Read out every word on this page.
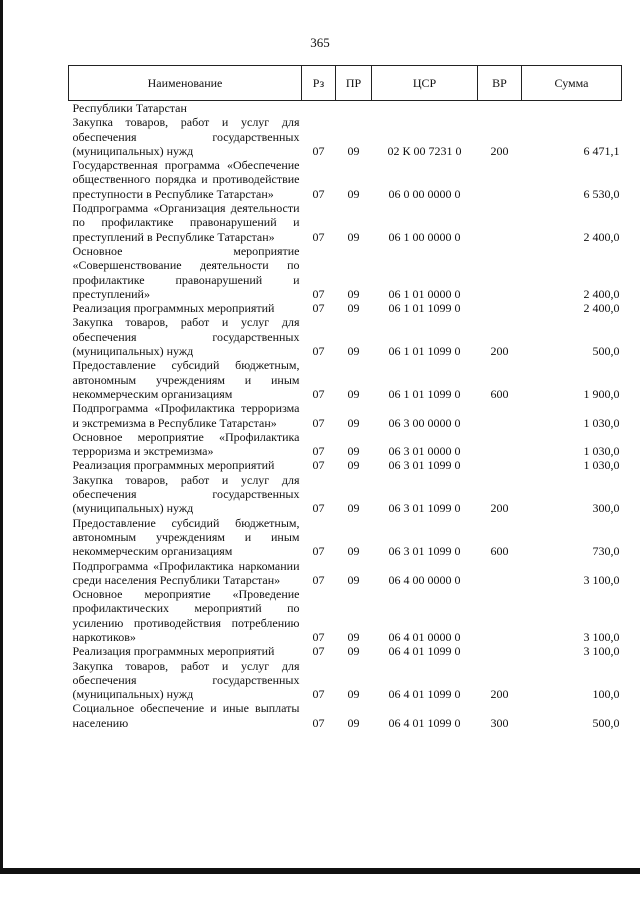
365
Наименование	Рз	ПР	ЦСР	ВР	Сумма
Республики Татарстан					
Закупка товаров, работ и услуг для обеспечения государственных (муниципальных) нужд	07	09	02 К 00 7231 0	200	6 471,1
Государственная программа «Обеспечение общественного порядка и противодействие преступности в Республике Татарстан»	07	09	06 0 00 0000 0		6 530,0
Подпрограмма «Организация деятельности по профилактике правонарушений и преступлений в Республике Татарстан»	07	09	06 1 00 0000 0		2 400,0
Основное мероприятие «Совершенствование деятельности по профилактике правонарушений и преступлений»	07	09	06 1 01 0000 0		2 400,0
Реализация программных мероприятий	07	09	06 1 01 1099 0		2 400,0
Закупка товаров, работ и услуг для обеспечения государственных (муниципальных) нужд	07	09	06 1 01 1099 0	200	500,0
Предоставление субсидий бюджетным, автономным учреждениям и иным некоммерческим организациям	07	09	06 1 01 1099 0	600	1 900,0
Подпрограмма «Профилактика терроризма и экстремизма в Республике Татарстан»	07	09	06 3 00 0000 0		1 030,0
Основное мероприятие «Профилактика терроризма и экстремизма»	07	09	06 3 01 0000 0		1 030,0
Реализация программных мероприятий	07	09	06 3 01 1099 0		1 030,0
Закупка товаров, работ и услуг для обеспечения государственных (муниципальных) нужд	07	09	06 3 01 1099 0	200	300,0
Предоставление субсидий бюджетным, автономным учреждениям и иным некоммерческим организациям	07	09	06 3 01 1099 0	600	730,0
Подпрограмма «Профилактика наркомании среди населения Республики Татарстан»	07	09	06 4 00 0000 0		3 100,0
Основное мероприятие «Проведение профилактических мероприятий по усилению противодействия потреблению наркотиков»	07	09	06 4 01 0000 0		3 100,0
Реализация программных мероприятий	07	09	06 4 01 1099 0		3 100,0
Закупка товаров, работ и услуг для обеспечения государственных (муниципальных) нужд	07	09	06 4 01 1099 0	200	100,0
Социальное обеспечение и иные выплаты населению	07	09	06 4 01 1099 0	300	500,0
